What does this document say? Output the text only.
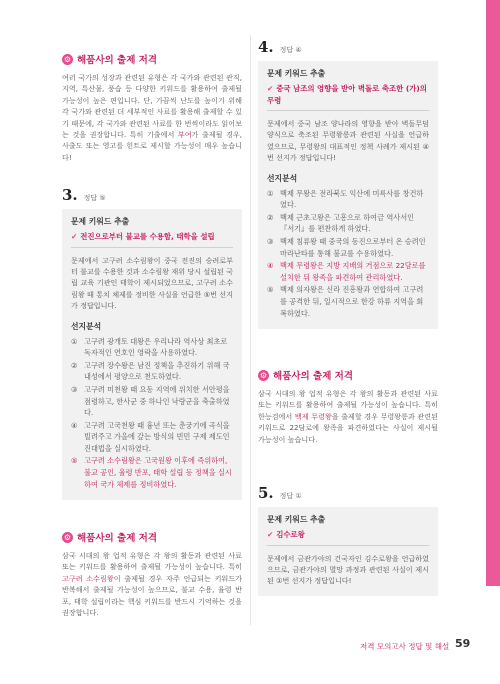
⚙ 해품사의 출제 저격

여러 국가의 성장과 관련된 유형은 각 국가와 관련된 관직, 지역, 특산물, 풍습 등 다양한 키워드를 활용하여 출제될 가능성이 높은 편입니다. 단, 가끔씩 난도를 높이기 위해 각 국가와 관련된 더 세부적인 사료를 활용해 출제할 수 있기 때문에, 각 국가와 관련된 사료를 한 번씩이라도 읽어보는 것을 권장합니다. 특히 기출에서 부여가 출제될 경우, 사출도 또는 영고를 힌트로 제시할 가능성이 매우 높습니다!

3. 정답 ⑤
문제 키워드 추출
✔ 전진으로부터 불교를 수용함, 태학을 설립

문제에서 고구려 소수림왕이 중국 전진의 승려로부터 불교를 수용한 것과 소수림왕 재위 당시 설립된 국립 교육 기관인 태학이 제시되었으므로, 고구려 소수림왕 때 통치 체제를 정비한 사실을 언급한 ⑤번 선지가 정답입니다.

선지분석
① 고구려 광개토 대왕은 우리나라 역사상 최초로 독자적인 연호인 영락을 사용하였다.
② 고구려 장수왕은 남진 정책을 추진하기 위해 국내성에서 평양으로 천도하였다.
③ 고구려 미천왕 때 요동 지역에 위치한 서안평을 점령하고, 한사군 중 하나인 낙랑군을 축출하였다.
④ 고구려 고국천왕 때 흉년 또는 춘궁기에 곡식을 빌려주고 가을에 갚는 방식의 빈민 구제 제도인 진대법을 실시하였다.
⑤ 고구려 소수림왕은 고국원왕 이후에 즉위하여, 불교 공인, 율령 반포, 태학 설립 등 정책을 실시하여 국가 체제를 정비하였다.
⚙ 해품사의 출제 저격

삼국 시대의 왕 업적 유형은 각 왕의 활동과 관련된 사료 또는 키워드를 활용하여 출제될 가능성이 높습니다. 특히 고구려 소수림왕이 출제될 경우 자주 언급되는 키워드가 반복해서 출제될 가능성이 높으므로, 불교 수용, 율령 반포, 태학 설립이라는 핵심 키워드를 반드시 기억하는 것을 권장합니다.

4. 정답 ④
문제 키워드 추출
✔ 중국 남조의 영향을 받아 벽돌로 축조한 (가)의 무령

문제에서 중국 남조 양나라의 영향을 받아 벽돌무덤 양식으로 축조된 무령왕릉과 관련된 사실을 언급하였으므로, 무령왕의 대표적인 정책 사례가 제시된 ④번 선지가 정답입니다!

선지분석
① 백제 무왕은 전라북도 익산에 미륵사를 창건하였다.
② 백제 근초고왕은 고흥으로 하여금 역사서인 『서기』를 편찬하게 하였다.
③ 백제 침류왕 때 중국의 동진으로부터 온 승려인 마라난타를 통해 불교를 수용하였다.
④ 백제 무령왕은 지방 지배의 거점으로 22담로를 설치한 뒤 왕족을 파견하여 관리하였다.
⑤ 백제 의자왕은 신라 진흥왕과 연합하여 고구려를 공격한 뒤, 일시적으로 한강 하류 지역을 회복하였다.
⚙ 해품사의 출제 저격

삼국 시대의 왕 업적 유형은 각 왕의 활동과 관련된 사료 또는 키워드를 활용하여 출제될 가능성이 높습니다. 특히 한능검에서 백제 무령왕을 출제할 경우 무령왕릉과 관련된 키워드로 22담로에 왕족을 파견하였다는 사실이 제시될 가능성이 높습니다.

5. 정답 ①
문제 키워드 추출
✔ 김수로왕

문제에서 금관가야의 건국자인 김수로왕을 언급하였으므로, 금관가야의 멸망 과정과 관련된 사실이 제시된 ①번 선지가 정답입니다!

저격 모의고사 정답 및 해설 59
